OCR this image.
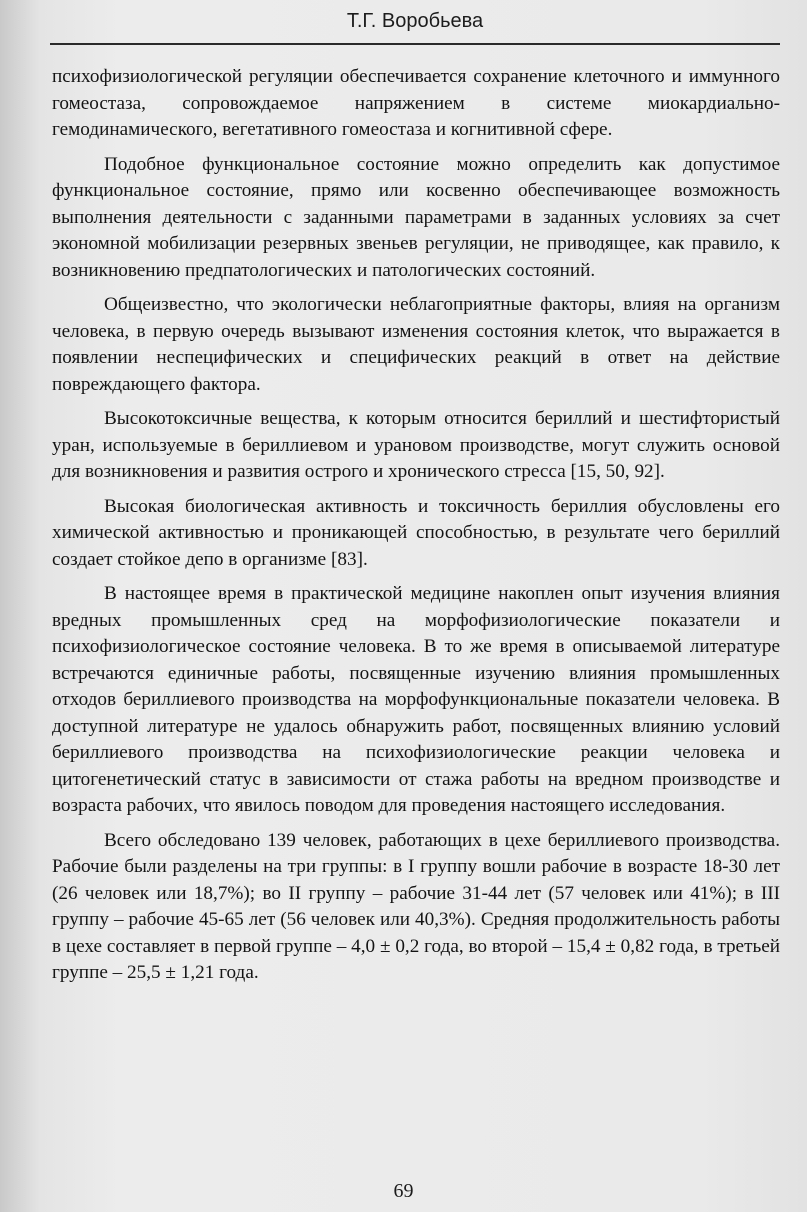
Т.Г. Воробьева

психофизиологической регуляции обеспечивается сохранение клеточного и иммунного гомеостаза, сопровождаемое напряжением в системе миокардиально-гемодинамического, вегетативного гомеостаза и когнитивной сфере.

Подобное функциональное состояние можно определить как допустимое функциональное состояние, прямо или косвенно обеспечивающее возможность выполнения деятельности с заданными параметрами в заданных условиях за счет экономной мобилизации резервных звеньев регуляции, не приводящее, как правило, к возникновению предпатологических и патологических состояний.

Общеизвестно, что экологически неблагоприятные факторы, влияя на организм человека, в первую очередь вызывают изменения состояния клеток, что выражается в появлении неспецифических и специфических реакций в ответ на действие повреждающего фактора.

Высокотоксичные вещества, к которым относится бериллий и шестифтористый уран, используемые в бериллиевом и урановом производстве, могут служить основой для возникновения и развития острого и хронического стресса [15, 50, 92].

Высокая биологическая активность и токсичность бериллия обусловлены его химической активностью и проникающей способностью, в результате чего бериллий создает стойкое депо в организме [83].

В настоящее время в практической медицине накоплен опыт изучения влияния вредных промышленных сред на морфофизиологические показатели и психофизиологическое состояние человека. В то же время в описываемой литературе встречаются единичные работы, посвященные изучению влияния промышленных отходов бериллиевого производства на морфофункциональные показатели человека. В доступной литературе не удалось обнаружить работ, посвященных влиянию условий бериллиевого производства на психофизиологические реакции человека и цитогенетический статус в зависимости от стажа работы на вредном производстве и возраста рабочих, что явилось поводом для проведения настоящего исследования.

Всего обследовано 139 человек, работающих в цехе бериллиевого производства. Рабочие были разделены на три группы: в I группу вошли рабочие в возрасте 18-30 лет (26 человек или 18,7%); во II группу – рабочие 31-44 лет (57 человек или 41%); в III группу – рабочие 45-65 лет (56 человек или 40,3%). Средняя продолжительность работы в цехе составляет в первой группе – 4,0 ± 0,2 года, во второй – 15,4 ± 0,82 года, в третьей группе – 25,5 ± 1,21 года.

69
